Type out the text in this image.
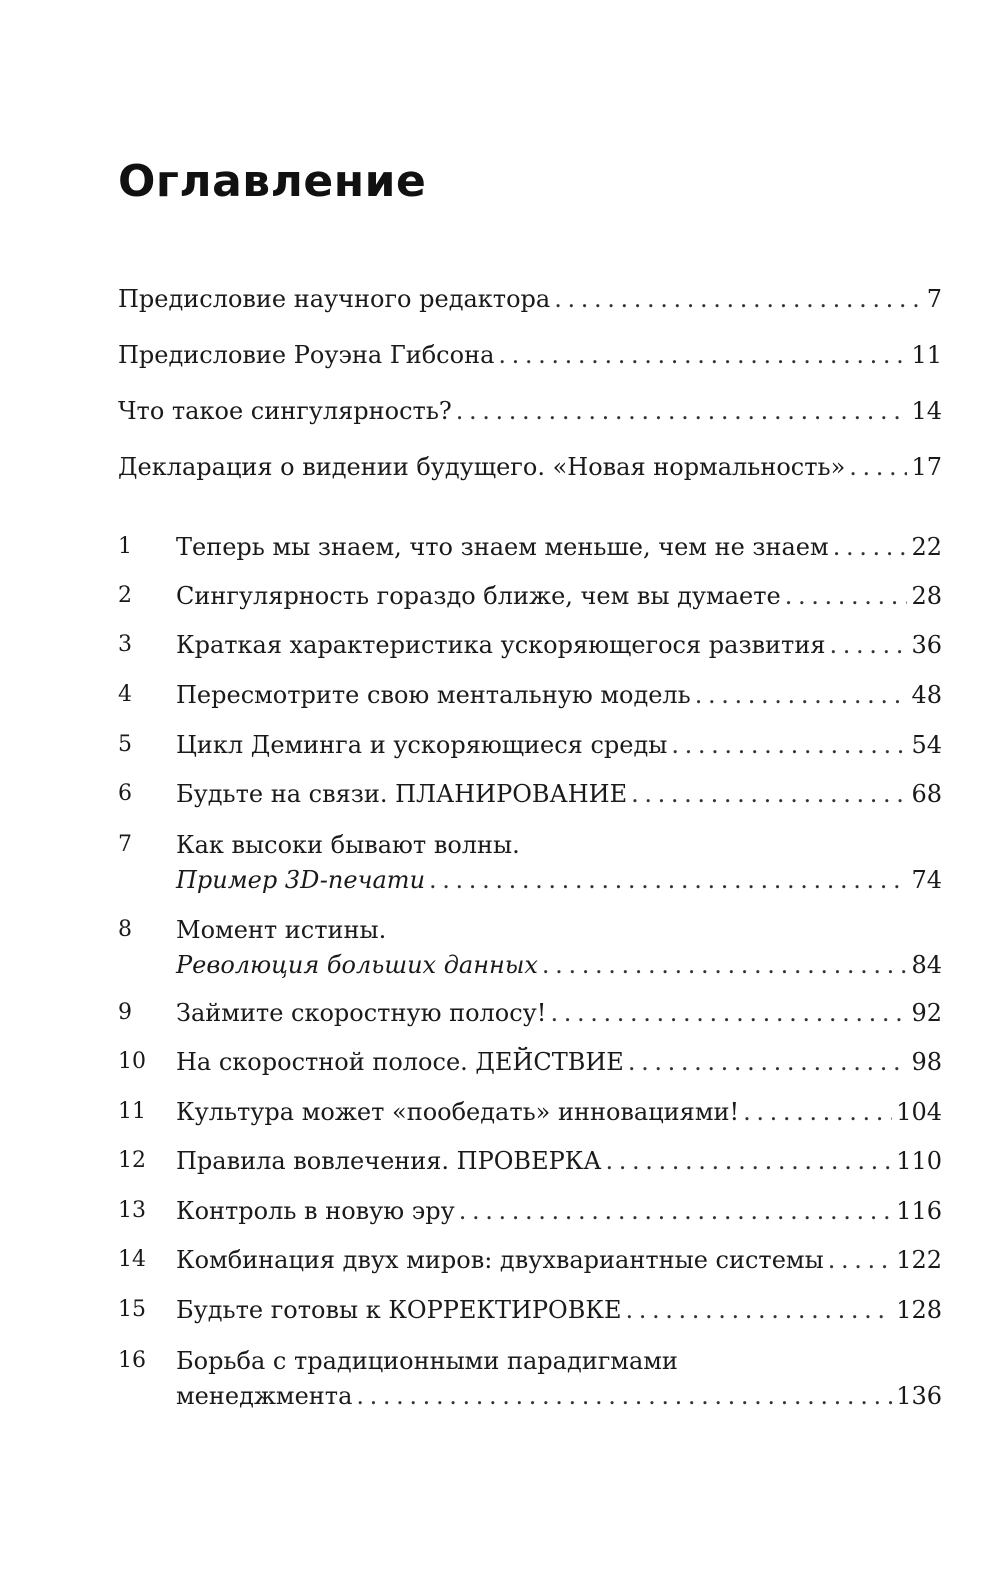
Оглавление
Предисловие научного редактора . . .	7
Предисловие Роуэна Гибсона . . .	11
Что такое сингулярность? . . .	14
Декларация о видении будущего. «Новая нормальность» . . .	17
1 Теперь мы знаем, что знаем меньше, чем не знаем . . .	22
2 Сингулярность гораздо ближе, чем вы думаете . . .	28
3 Краткая характеристика ускоряющегося развития . . .	36
4 Пересмотрите свою ментальную модель . . .	48
5 Цикл Деминга и ускоряющиеся среды . . .	54
6 Будьте на связи. ПЛАНИРОВАНИЕ . . .	68
7 Как высоки бывают волны.
Пример 3D-печати . . .	74
8 Момент истины.
Революция больших данных . . .	84
9 Займите скоростную полосу! . . .	92
10 На скоростной полосе. ДЕЙСТВИЕ . . .	98
11 Культура может «пообедать» инновациями! . . .	104
12 Правила вовлечения. ПРОВЕРКА . . .	110
13 Контроль в новую эру . . .	116
14 Комбинация двух миров: двухвариантные системы . . .	122
15 Будьте готовы к КОРРЕКТИРОВКЕ . . .	128
16 Борьба с традиционными парадигмами
менеджмента . . .	136
